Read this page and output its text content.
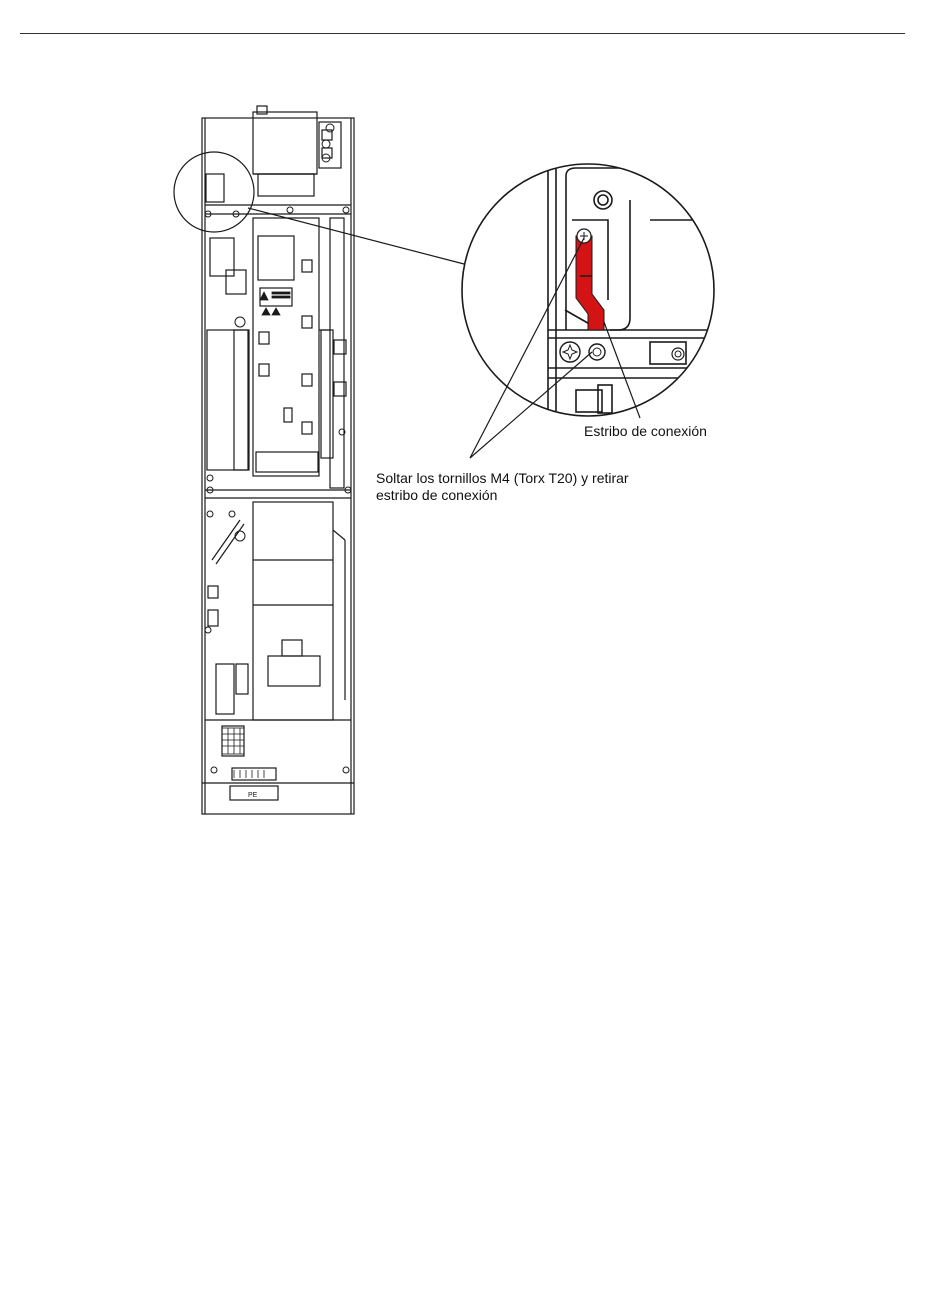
PE
Estribo de conexión
Soltar los tornillos M4 (Torx T20) y retirar
estribo de conexión
